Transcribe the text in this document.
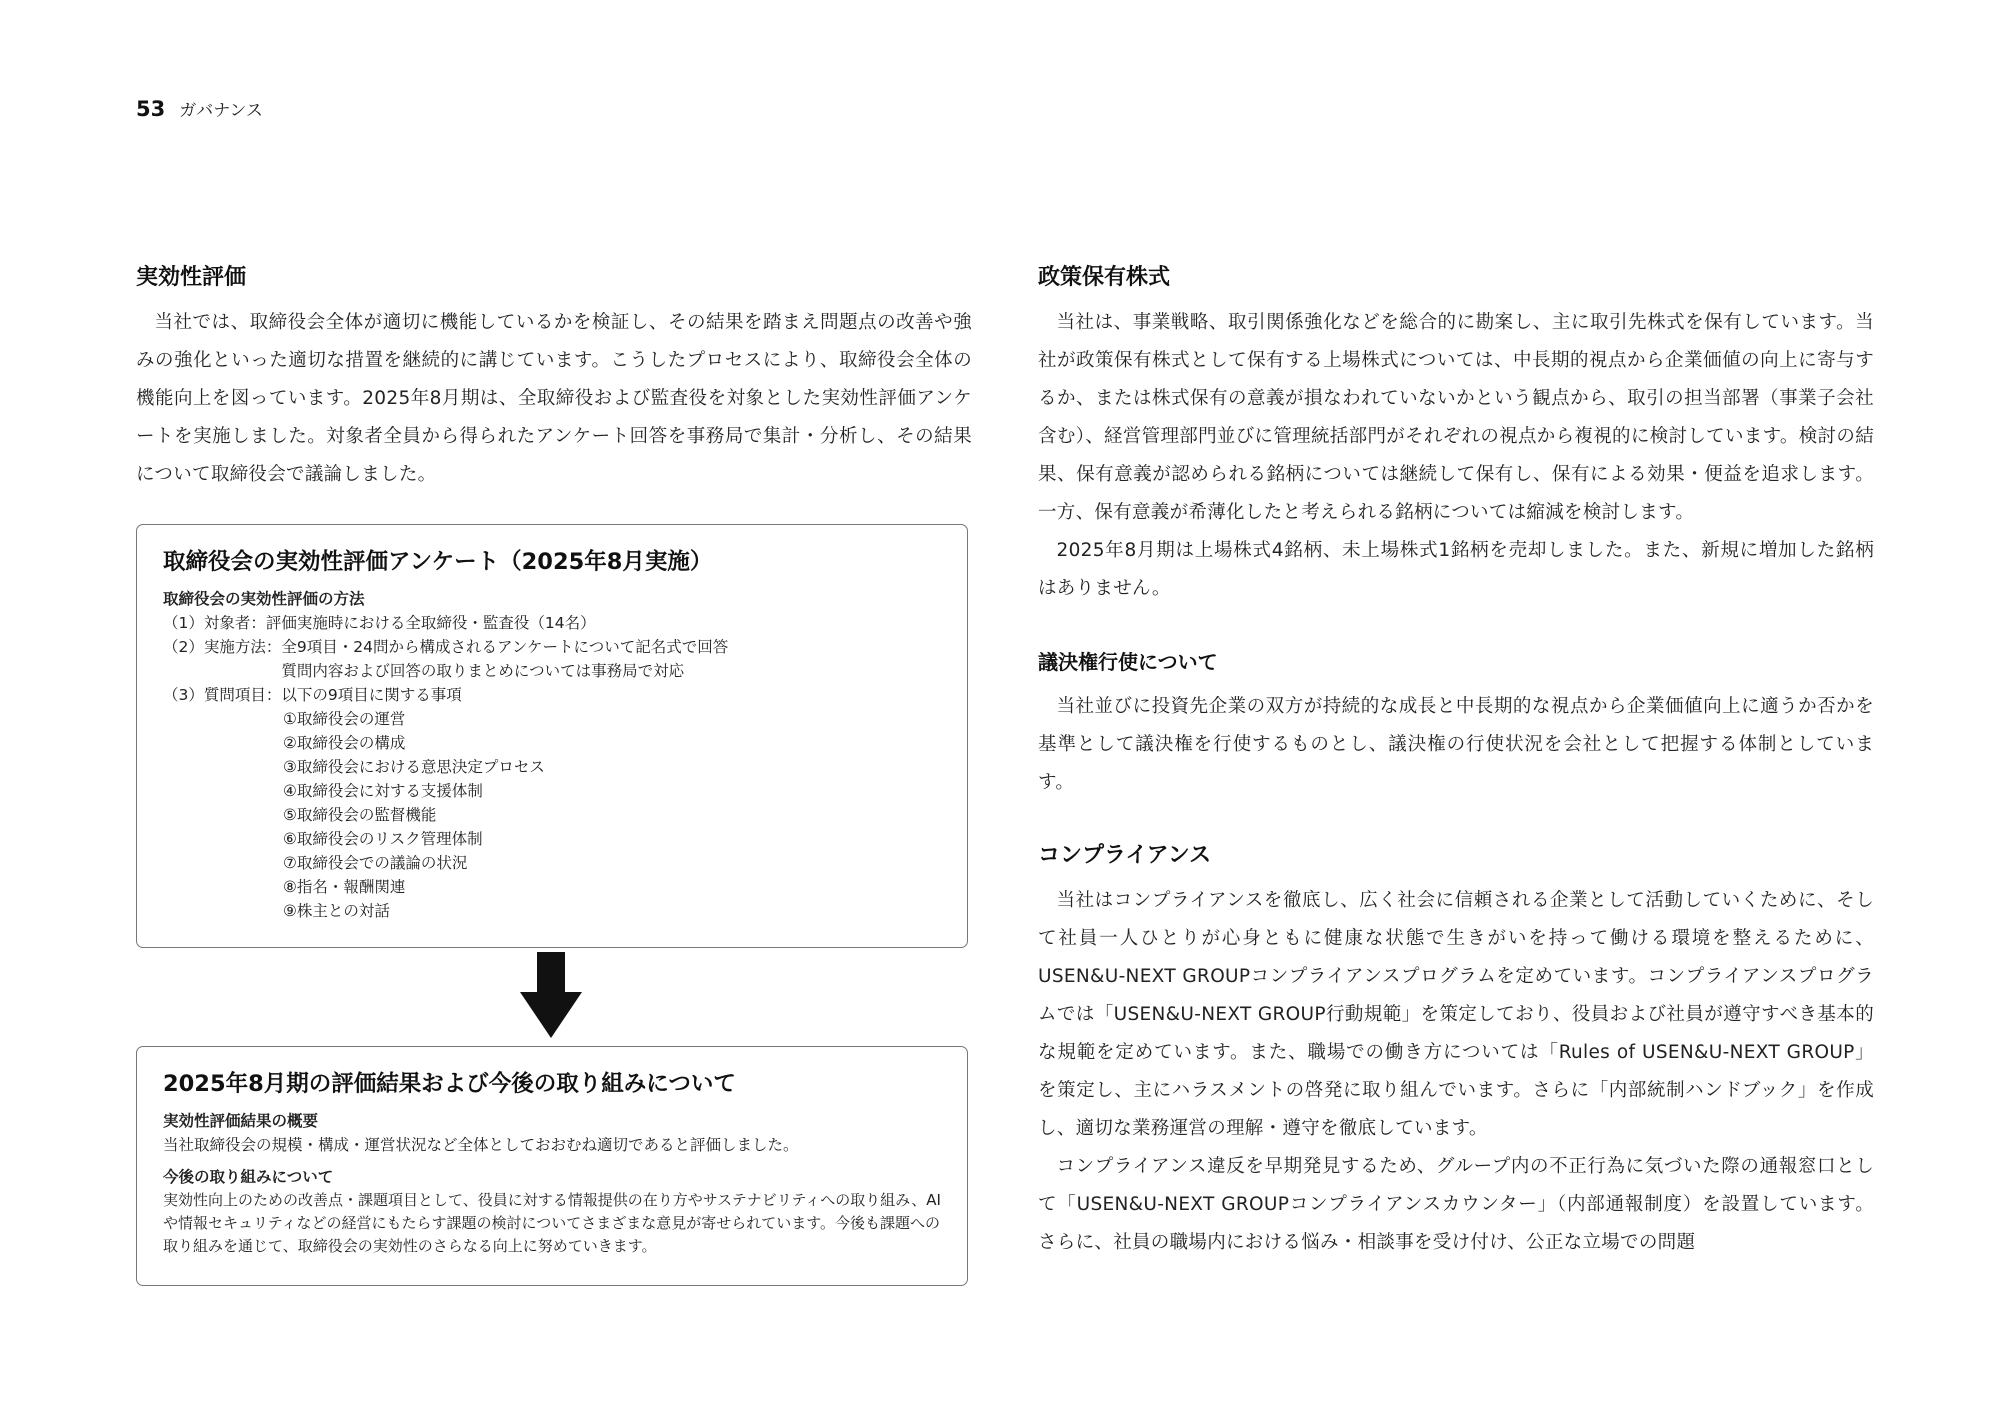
53 ガバナンス
実効性評価

当社では、取締役会全体が適切に機能しているかを検証し、その結果を踏まえ問題点の改善や強みの強化といった適切な措置を継続的に講じています。こうしたプロセスにより、取締役会全体の機能向上を図っています。2025年8月期は、全取締役および監査役を対象とした実効性評価アンケートを実施しました。対象者全員から得られたアンケート回答を事務局で集計・分析し、その結果について取締役会で議論しました。

取締役会の実効性評価アンケート（2025年8月実施）

取締役会の実効性評価の方法

（1）対象者： 評価実施時における全取締役・監査役（14名）
（2）実施方法： 全9項目・24問から構成されるアンケートについて記名式で回答
質問内容および回答の取りまとめについては事務局で対応
（3）質問項目： 以下の9項目に関する事項
①取締役会の運営
②取締役会の構成
③取締役会における意思決定プロセス
④取締役会に対する支援体制
⑤取締役会の監督機能
⑥取締役会のリスク管理体制
⑦取締役会での議論の状況
⑧指名・報酬関連
⑨株主との対話
2025年8月期の評価結果および今後の取り組みについて

実効性評価結果の概要

当社取締役会の規模・構成・運営状況など全体としておおむね適切であると評価しました。

今後の取り組みについて

実効性向上のための改善点・課題項目として、役員に対する情報提供の在り方やサステナビリティへの取り組み、AIや情報セキュリティなどの経営にもたらす課題の検討についてさまざまな意見が寄せられています。今後も課題への取り組みを通じて、取締役会の実効性のさらなる向上に努めていきます。

政策保有株式

当社は、事業戦略、取引関係強化などを総合的に勘案し、主に取引先株式を保有しています。当社が政策保有株式として保有する上場株式については、中長期的視点から企業価値の向上に寄与するか、または株式保有の意義が損なわれていないかという観点から、取引の担当部署（事業子会社含む）、経営管理部門並びに管理統括部門がそれぞれの視点から複視的に検討しています。検討の結果、保有意義が認められる銘柄については継続して保有し、保有による効果・便益を追求します。一方、保有意義が希薄化したと考えられる銘柄については縮減を検討します。

2025年8月期は上場株式4銘柄、未上場株式1銘柄を売却しました。また、新規に増加した銘柄はありません。

議決権行使について

当社並びに投資先企業の双方が持続的な成長と中長期的な視点から企業価値向上に適うか否かを基準として議決権を行使するものとし、議決権の行使状況を会社として把握する体制としています。

コンプライアンス

当社はコンプライアンスを徹底し、広く社会に信頼される企業として活動していくために、そして社員一人ひとりが心身ともに健康な状態で生きがいを持って働ける環境を整えるために、USEN&U-NEXT GROUPコンプライアンスプログラムを定めています。コンプライアンスプログラムでは「USEN&U-NEXT GROUP行動規範」を策定しており、役員および社員が遵守すべき基本的な規範を定めています。また、職場での働き方については「Rules of USEN&U-NEXT GROUP」を策定し、主にハラスメントの啓発に取り組んでいます。さらに「内部統制ハンドブック」を作成し、適切な業務運営の理解・遵守を徹底しています。

コンプライアンス違反を早期発見するため、グループ内の不正行為に気づいた際の通報窓口として「USEN&U-NEXT GROUPコンプライアンスカウンター」（内部通報制度）を設置しています。さらに、社員の職場内における悩み・相談事を受け付け、公正な立場での問題
